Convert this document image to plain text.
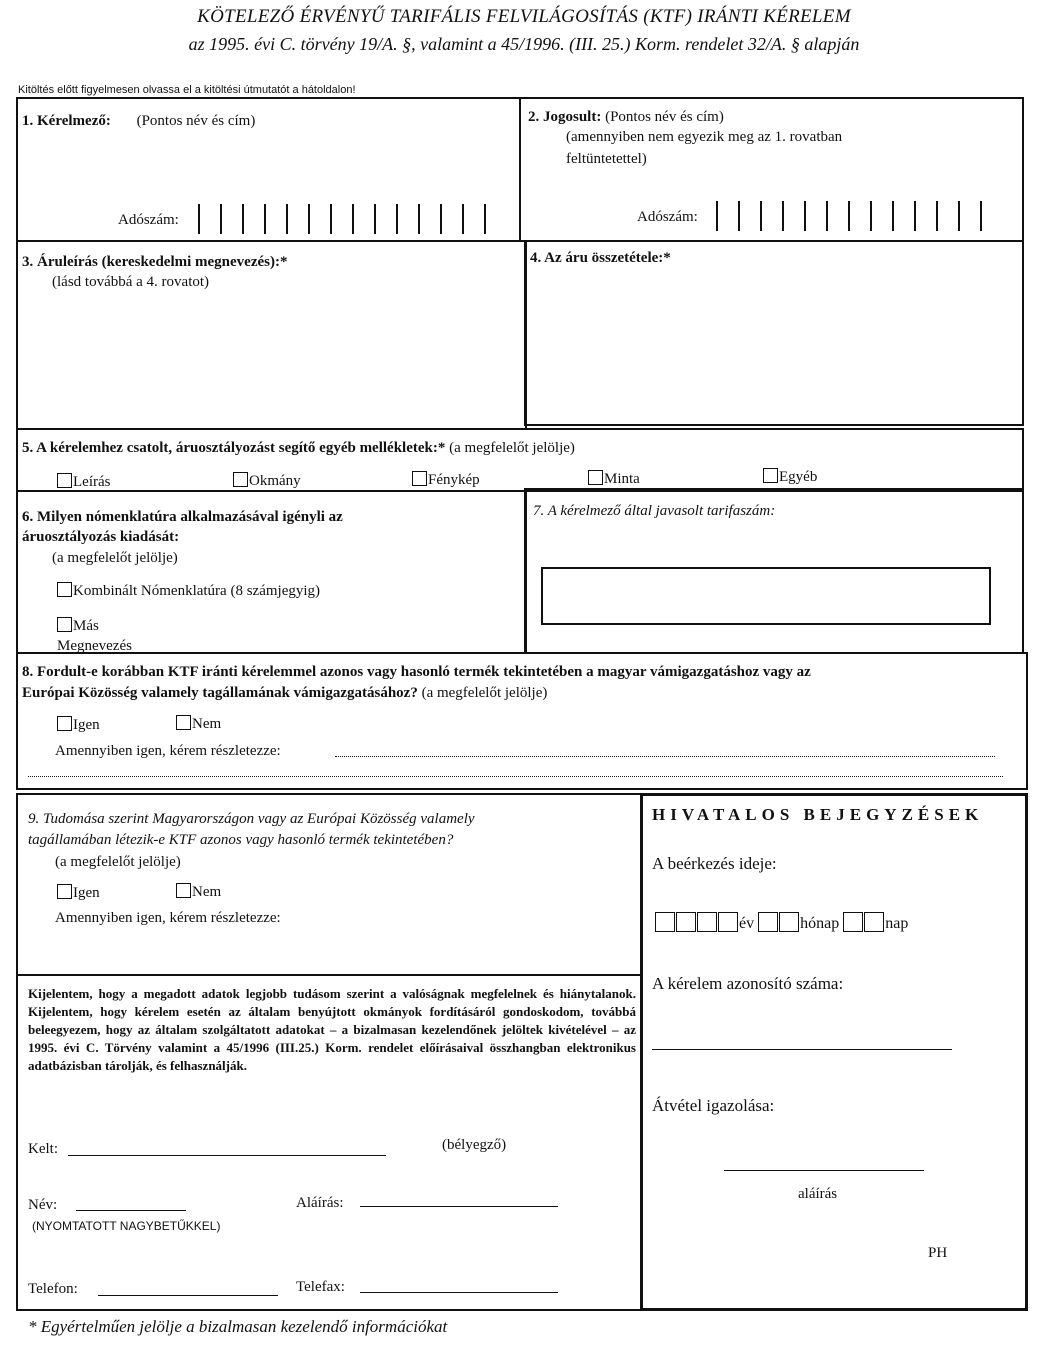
KÖTELEZŐ ÉRVÉNYŰ TARIFÁLIS FELVILÁGOSÍTÁS (KTF) IRÁNTI KÉRELEM
az 1995. évi C. törvény 19/A. §, valamint a 45/1996. (III. 25.) Korm. rendelet 32/A. § alapján
Kitöltés előtt figyelmesen olvassa el a kitöltési útmutatót a hátoldalon!
1. Kérelmező: (Pontos név és cím)
Adószám:
2. Jogosult: (Pontos név és cím)
(amennyiben nem egyezik meg az 1. rovatban
feltüntetettel)
Adószám:
3. Áruleírás (kereskedelmi megnevezés):*
(lásd továbbá a 4. rovatot)
4. Az áru összetétele:*
5. A kérelemhez csatolt, áruosztályozást segítő egyéb mellékletek:* (a megfelelőt jelölje)
Leírás	Okmány	Fénykép	Minta	Egyéb
6. Milyen nómenklatúra alkalmazásával igényli az
áruosztályozás kiadását:
(a megfelelőt jelölje)
Kombinált Nómenklatúra (8 számjegyig)
Más
Megnevezés
7. A kérelmező által javasolt tarifaszám:
8. Fordult-e korábban KTF iránti kérelemmel azonos vagy hasonló termék tekintetében a magyar vámigazgatáshoz vagy az
Európai Közösség valamely tagállamának vámigazgatásához? (a megfelelőt jelölje)
Igen	Nem
Amennyiben igen, kérem részletezze:
9. Tudomása szerint Magyarországon vagy az Európai Közösség valamely
tagállamában létezik-e KTF azonos vagy hasonló termék tekintetében?
(a megfelelőt jelölje)
Igen	Nem
Amennyiben igen, kérem részletezze:
HIVATALOS BEJEGYZÉSEK
A beérkezés ideje:
év	hónap	nap
A kérelem azonosító száma:
Átvétel igazolása:
aláírás
PH
Kijelentem, hogy a megadott adatok legjobb tudásom szerint a valóságnak megfelelnek és hiánytalanok. Kijelentem, hogy kérelem esetén az általam benyújtott okmányok fordításáról gondoskodom, továbbá beleegyezem, hogy az általam szolgáltatott adatokat – a bizalmasan kezelendőnek jelöltek kivételével – az 1995. évi C. Törvény valamint a 45/1996 (III.25.) Korm. rendelet előírásaival összhangban elektronikus adatbázisban tárolják, és felhasználják.
Kelt:	(bélyegző)
Név:
(NYOMTATOTT NAGYBETŰKKEL)
Aláírás:
Telefon:	Telefax:
* Egyértelműen jelölje a bizalmasan kezelendő információkat
